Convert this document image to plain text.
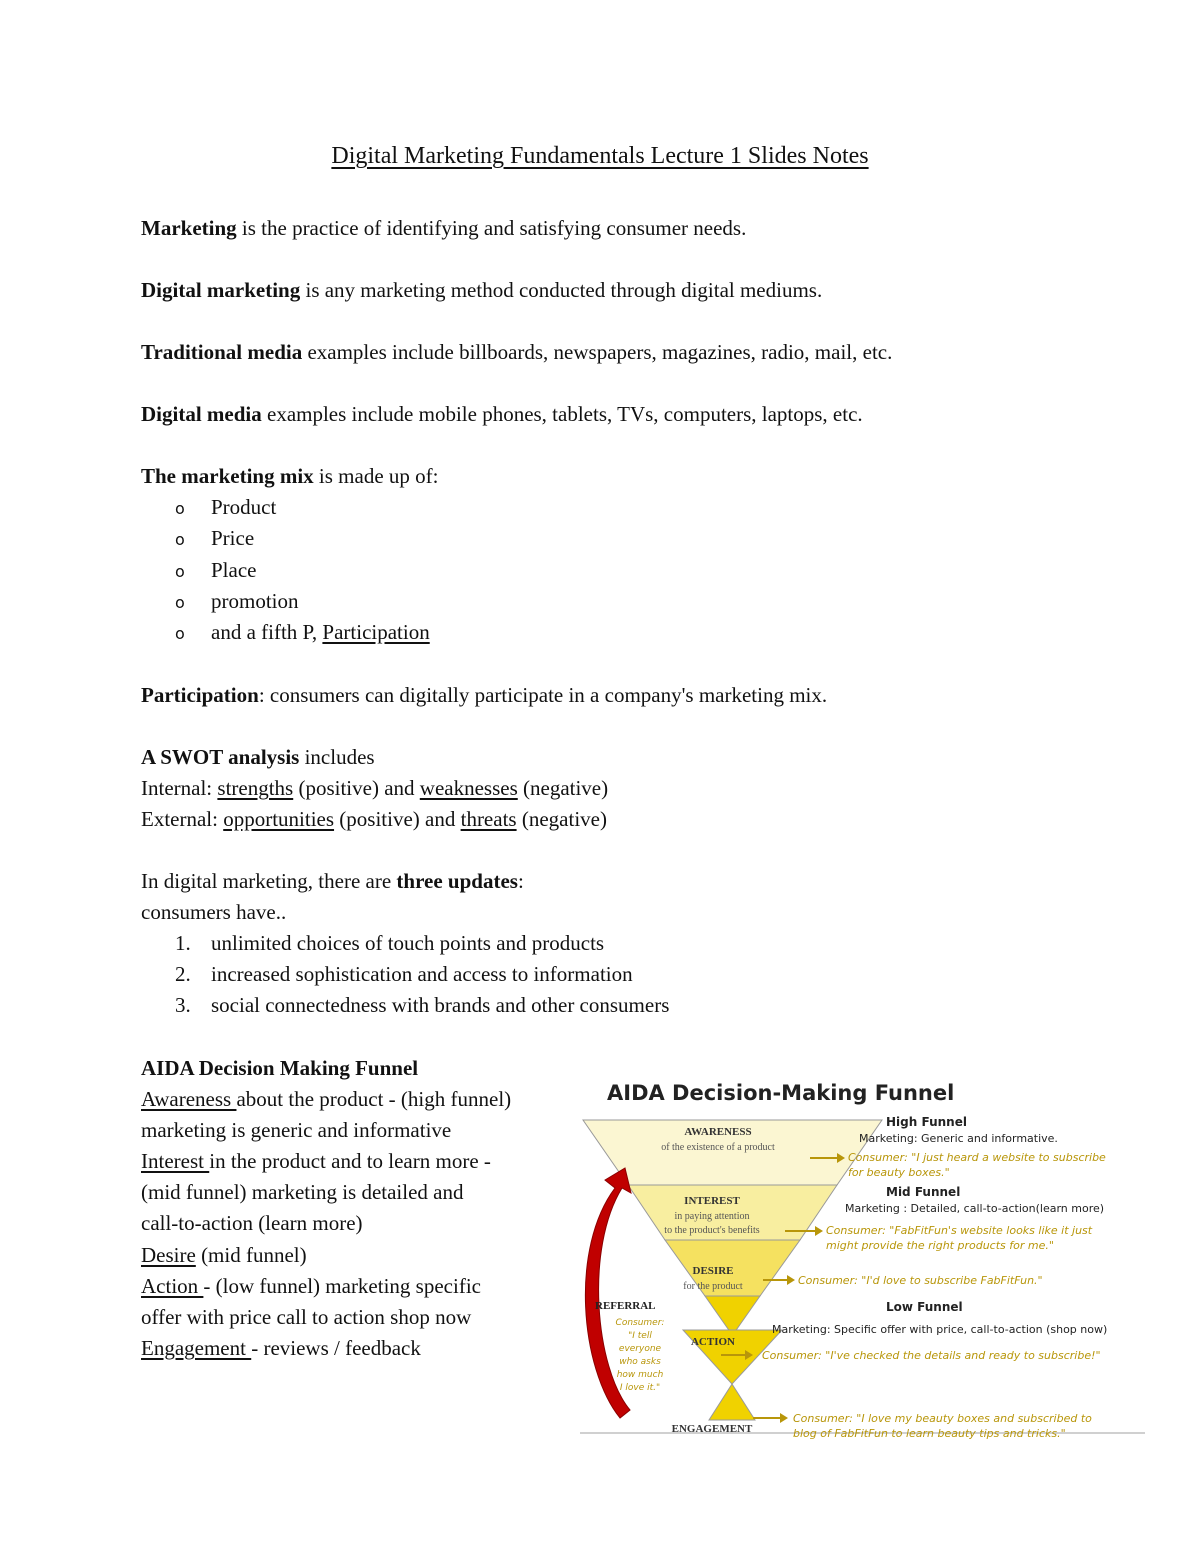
Digital Marketing Fundamentals Lecture 1 Slides Notes
Marketing is the practice of identifying and satisfying consumer needs.
Digital marketing is any marketing method conducted through digital mediums.
Traditional media examples include billboards, newspapers, magazines, radio, mail, etc.
Digital media examples include mobile phones, tablets, TVs, computers, laptops, etc.
The marketing mix is made up of:
o Product
o Price
o Place
o promotion
o and a fifth P, Participation
Participation: consumers can digitally participate in a company's marketing mix.
A SWOT analysis includes
Internal: strengths (positive) and weaknesses (negative)
External: opportunities (positive) and threats (negative)
In digital marketing, there are three updates:
consumers have..
1. unlimited choices of touch points and products
2. increased sophistication and access to information
3. social connectedness with brands and other consumers
AIDA Decision Making Funnel
Awareness about the product - (high funnel)
marketing is generic and informative
Interest in the product and to learn more -
(mid funnel) marketing is detailed and
call-to-action (learn more)
Desire (mid funnel)
Action - (low funnel) marketing specific
offer with price call to action shop now
Engagement - reviews / feedback
AIDA Decision-Making Funnel
AWARENESS
of the existence of a product
INTEREST
in paying attention
to the product's benefits
DESIRE
for the product
ACTION
ENGAGEMENT
REFERRAL
Consumer:
"I tell
everyone
who asks
how much
I love it."
High Funnel
Marketing: Generic and informative.
Consumer: "I just heard a website to subscribe
for beauty boxes."
Mid Funnel
Marketing : Detailed, call-to-action(learn more)
Consumer: "FabFitFun's website looks like it just
might provide the right products for me."
Consumer: "I'd love to subscribe FabFitFun."
Low Funnel
Marketing: Specific offer with price, call-to-action (shop now)
Consumer: "I've checked the details and ready to subscribe!"
Consumer: "I love my beauty boxes and subscribed to
blog of FabFitFun to learn beauty tips and tricks."
